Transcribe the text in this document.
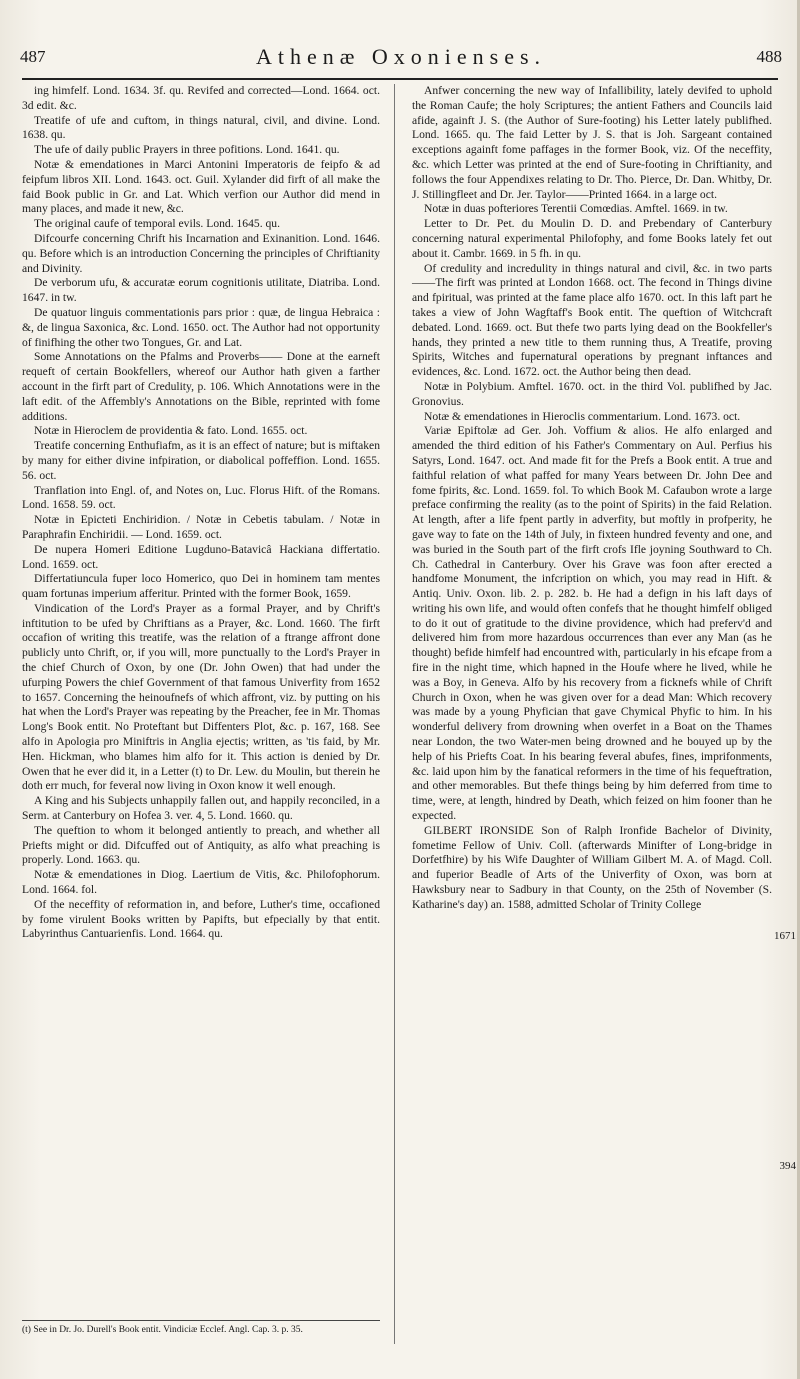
487	Athenæ Oxonienses.	488

ing himfelf. Lond. 1634. 3f. qu. Revifed and corrected—Lond. 1664. oct. 3d edit. &c.

Treatife of ufe and cuftom, in things natural, civil, and divine. Lond. 1638. qu.

The ufe of daily public Prayers in three pofitions. Lond. 1641. qu.

Notæ & emendationes in Marci Antonini Imperatoris de feipfo & ad feipfum libros XII. Lond. 1643. oct. Guil. Xylander did firft of all make the faid Book public in Gr. and Lat. Which verfion our Author did mend in many places, and made it new, &c.

The original caufe of temporal evils. Lond. 1645. qu.

Difcourfe concerning Chrift his Incarnation and Exinanition. Lond. 1646. qu. Before which is an introduction Concerning the principles of Chriftianity and Divinity.

De verborum ufu, & accuratæ eorum cognitionis utilitate, Diatriba. Lond. 1647. in tw.

De quatuor linguis commentationis pars prior : quæ, de lingua Hebraica : &, de lingua Saxonica, &c. Lond. 1650. oct. The Author had not opportunity of finifhing the other two Tongues, Gr. and Lat.

Some Annotations on the Pfalms and Proverbs—— Done at the earneft requeft of certain Bookfellers, whereof our Author hath given a farther account in the firft part of Credulity, p. 106. Which Annotations were in the laft edit. of the Affembly's Annotations on the Bible, reprinted with fome additions.

Notæ in Hieroclem de providentia & fato. Lond. 1655. oct.

Treatife concerning Enthufiafm, as it is an effect of nature; but is miftaken by many for either divine infpiration, or diabolical poffeffion. Lond. 1655. 56. oct.

Tranflation into Engl. of, and Notes on, Luc. Florus Hift. of the Romans. Lond. 1658. 59. oct.

Notæ in Epicteti Enchiridion. / Notæ in Cebetis tabulam. / Notæ in Paraphrafin Enchiridii. — Lond. 1659. oct.

De nupera Homeri Editione Lugduno-Batavicâ Hackiana differtatio. Lond. 1659. oct.

Differtatiuncula fuper loco Homerico, quo Dei in hominem tam mentes quam fortunas imperium afferitur. Printed with the former Book, 1659.

Vindication of the Lord's Prayer as a formal Prayer, and by Chrift's inftitution to be ufed by Chriftians as a Prayer, &c. Lond. 1660. The firft occafion of writing this treatife, was the relation of a ftrange affront done publicly unto Chrift, or, if you will, more punctually to the Lord's Prayer in the chief Church of Oxon, by one (Dr. John Owen) that had under the ufurping Powers the chief Government of that famous Univerfity from 1652 to 1657. Concerning the heinoufnefs of which affront, viz. by putting on his hat when the Lord's Prayer was repeating by the Preacher, fee in Mr. Thomas Long's Book entit. No Proteftant but Diffenters Plot, &c. p. 167, 168. See alfo in Apologia pro Miniftris in Anglia ejectis; written, as 'tis faid, by Mr. Hen. Hickman, who blames him alfo for it. This action is denied by Dr. Owen that he ever did it, in a Letter (t) to Dr. Lew. du Moulin, but therein he doth err much, for feveral now living in Oxon know it well enough.

A King and his Subjects unhappily fallen out, and happily reconciled, in a Serm. at Canterbury on Hofea 3. ver. 4, 5. Lond. 1660. qu.

The queftion to whom it belonged antiently to preach, and whether all Priefts might or did. Difcuffed out of Antiquity, as alfo what preaching is properly. Lond. 1663. qu.

Notæ & emendationes in Diog. Laertium de Vitis, &c. Philofophorum. Lond. 1664. fol.

Of the neceffity of reformation in, and before, Luther's time, occafioned by fome virulent Books written by Papifts, but efpecially by that entit. Labyrinthus Cantuarienfis. Lond. 1664. qu.

Anfwer concerning the new way of Infallibility, lately devifed to uphold the Roman Caufe; the holy Scriptures; the antient Fathers and Councils laid afide, againft J. S. (the Author of Sure-footing) his Letter lately publifhed. Lond. 1665. qu. The faid Letter by J. S. that is Joh. Sargeant contained exceptions againft fome paffages in the former Book, viz. Of the neceffity, &c. which Letter was printed at the end of Sure-footing in Chriftianity, and follows the four Appendixes relating to Dr. Tho. Pierce, Dr. Dan. Whitby, Dr. J. Stillingfleet and Dr. Jer. Taylor——Printed 1664. in a large oct.

Notæ in duas pofteriores Terentii Comœdias. Amftel. 1669. in tw.

Letter to Dr. Pet. du Moulin D. D. and Prebendary of Canterbury concerning natural experimental Philofophy, and fome Books lately fet out about it. Cambr. 1669. in 5 fh. in qu.

Of credulity and incredulity in things natural and civil, &c. in two parts——The firft was printed at London 1668. oct. The fecond in Things divine and fpiritual, was printed at the fame place alfo 1670. oct. In this laft part he takes a view of John Wagftaff's Book entit. The queftion of Witchcraft debated. Lond. 1669. oct. But thefe two parts lying dead on the Bookfeller's hands, they printed a new title to them running thus, A Treatife, proving Spirits, Witches and fupernatural operations by pregnant inftances and evidences, &c. Lond. 1672. oct. the Author being then dead.

Notæ in Polybium. Amftel. 1670. oct. in the third Vol. publifhed by Jac. Gronovius.

Notæ & emendationes in Hieroclis commentarium. Lond. 1673. oct.

Variæ Epiftolæ ad Ger. Joh. Voffium & alios. He alfo enlarged and amended the third edition of his Father's Commentary on Aul. Perfius his Satyrs, Lond. 1647. oct. And made fit for the Prefs a Book entit. A true and faithful relation of what paffed for many Years between Dr. John Dee and fome fpirits, &c. Lond. 1659. fol. To which Book M. Cafaubon wrote a large preface confirming the reality (as to the point of Spirits) in the faid Relation. At length, after a life fpent partly in adverfity, but moftly in profperity, he gave way to fate on the 14th of July, in fixteen hundred feventy and one, and was buried in the South part of the firft crofs Ifle joyning Southward to Ch. Ch. Cathedral in Canterbury. Over his Grave was foon after erected a handfome Monument, the infcription on which, you may read in Hift. & Antiq. Univ. Oxon. lib. 2. p. 282. b. He had a defign in his laft days of writing his own life, and would often confefs that he thought himfelf obliged to do it out of gratitude to the divine providence, which had preferv'd and delivered him from more hazardous occurrences than ever any Man (as he thought) befide himfelf had encountred with, particularly in his efcape from a fire in the night time, which hapned in the Houfe where he lived, while he was a Boy, in Geneva. Alfo by his recovery from a ficknefs while of Chrift Church in Oxon, when he was given over for a dead Man: Which recovery was made by a young Phyfician that gave Chymical Phyfic to him. In his wonderful delivery from drowning when overfet in a Boat on the Thames near London, the two Water-men being drowned and he bouyed up by the help of his Priefts Coat. In his bearing feveral abufes, fines, imprifonments, &c. laid upon him by the fanatical reformers in the time of his fequeftration, and other memorables. But thefe things being by him deferred from time to time, were, at length, hindred by Death, which feized on him fooner than he expected.

GILBERT IRONSIDE Son of Ralph Ironfide Bachelor of Divinity, fometime Fellow of Univ. Coll. (afterwards Minifter of Long-bridge in Dorfetfhire) by his Wife Daughter of William Gilbert M. A. of Magd. Coll. and fuperior Beadle of Arts of the Univerfity of Oxon, was born at Hawksbury near to Sadbury in that County, on the 25th of November (S. Katharine's day) an. 1588, admitted Scholar of Trinity College

1671
394
(t) See in Dr. Jo. Durell's Book entit. Vindiciæ Ecclef. Angl. Cap. 3. p. 35.
